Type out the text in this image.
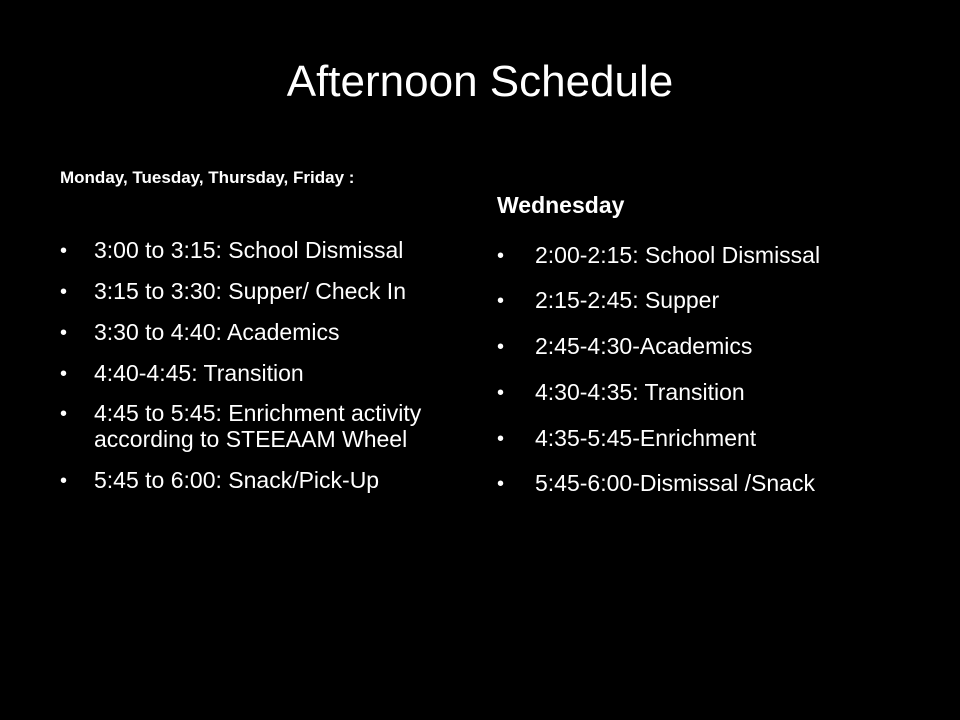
Afternoon Schedule
Monday, Tuesday, Thursday, Friday :
• 3:00 to 3:15: School Dismissal
• 3:15 to 3:30: Supper/ Check In
• 3:30 to 4:40: Academics
• 4:40-4:45: Transition
• 4:45 to 5:45: Enrichment activity according to STEEAAM Wheel
• 5:45 to 6:00: Snack/Pick-Up
Wednesday
• 2:00-2:15: School Dismissal
• 2:15-2:45: Supper
• 2:45-4:30-Academics
• 4:30-4:35: Transition
• 4:35-5:45-Enrichment
• 5:45-6:00-Dismissal /Snack
